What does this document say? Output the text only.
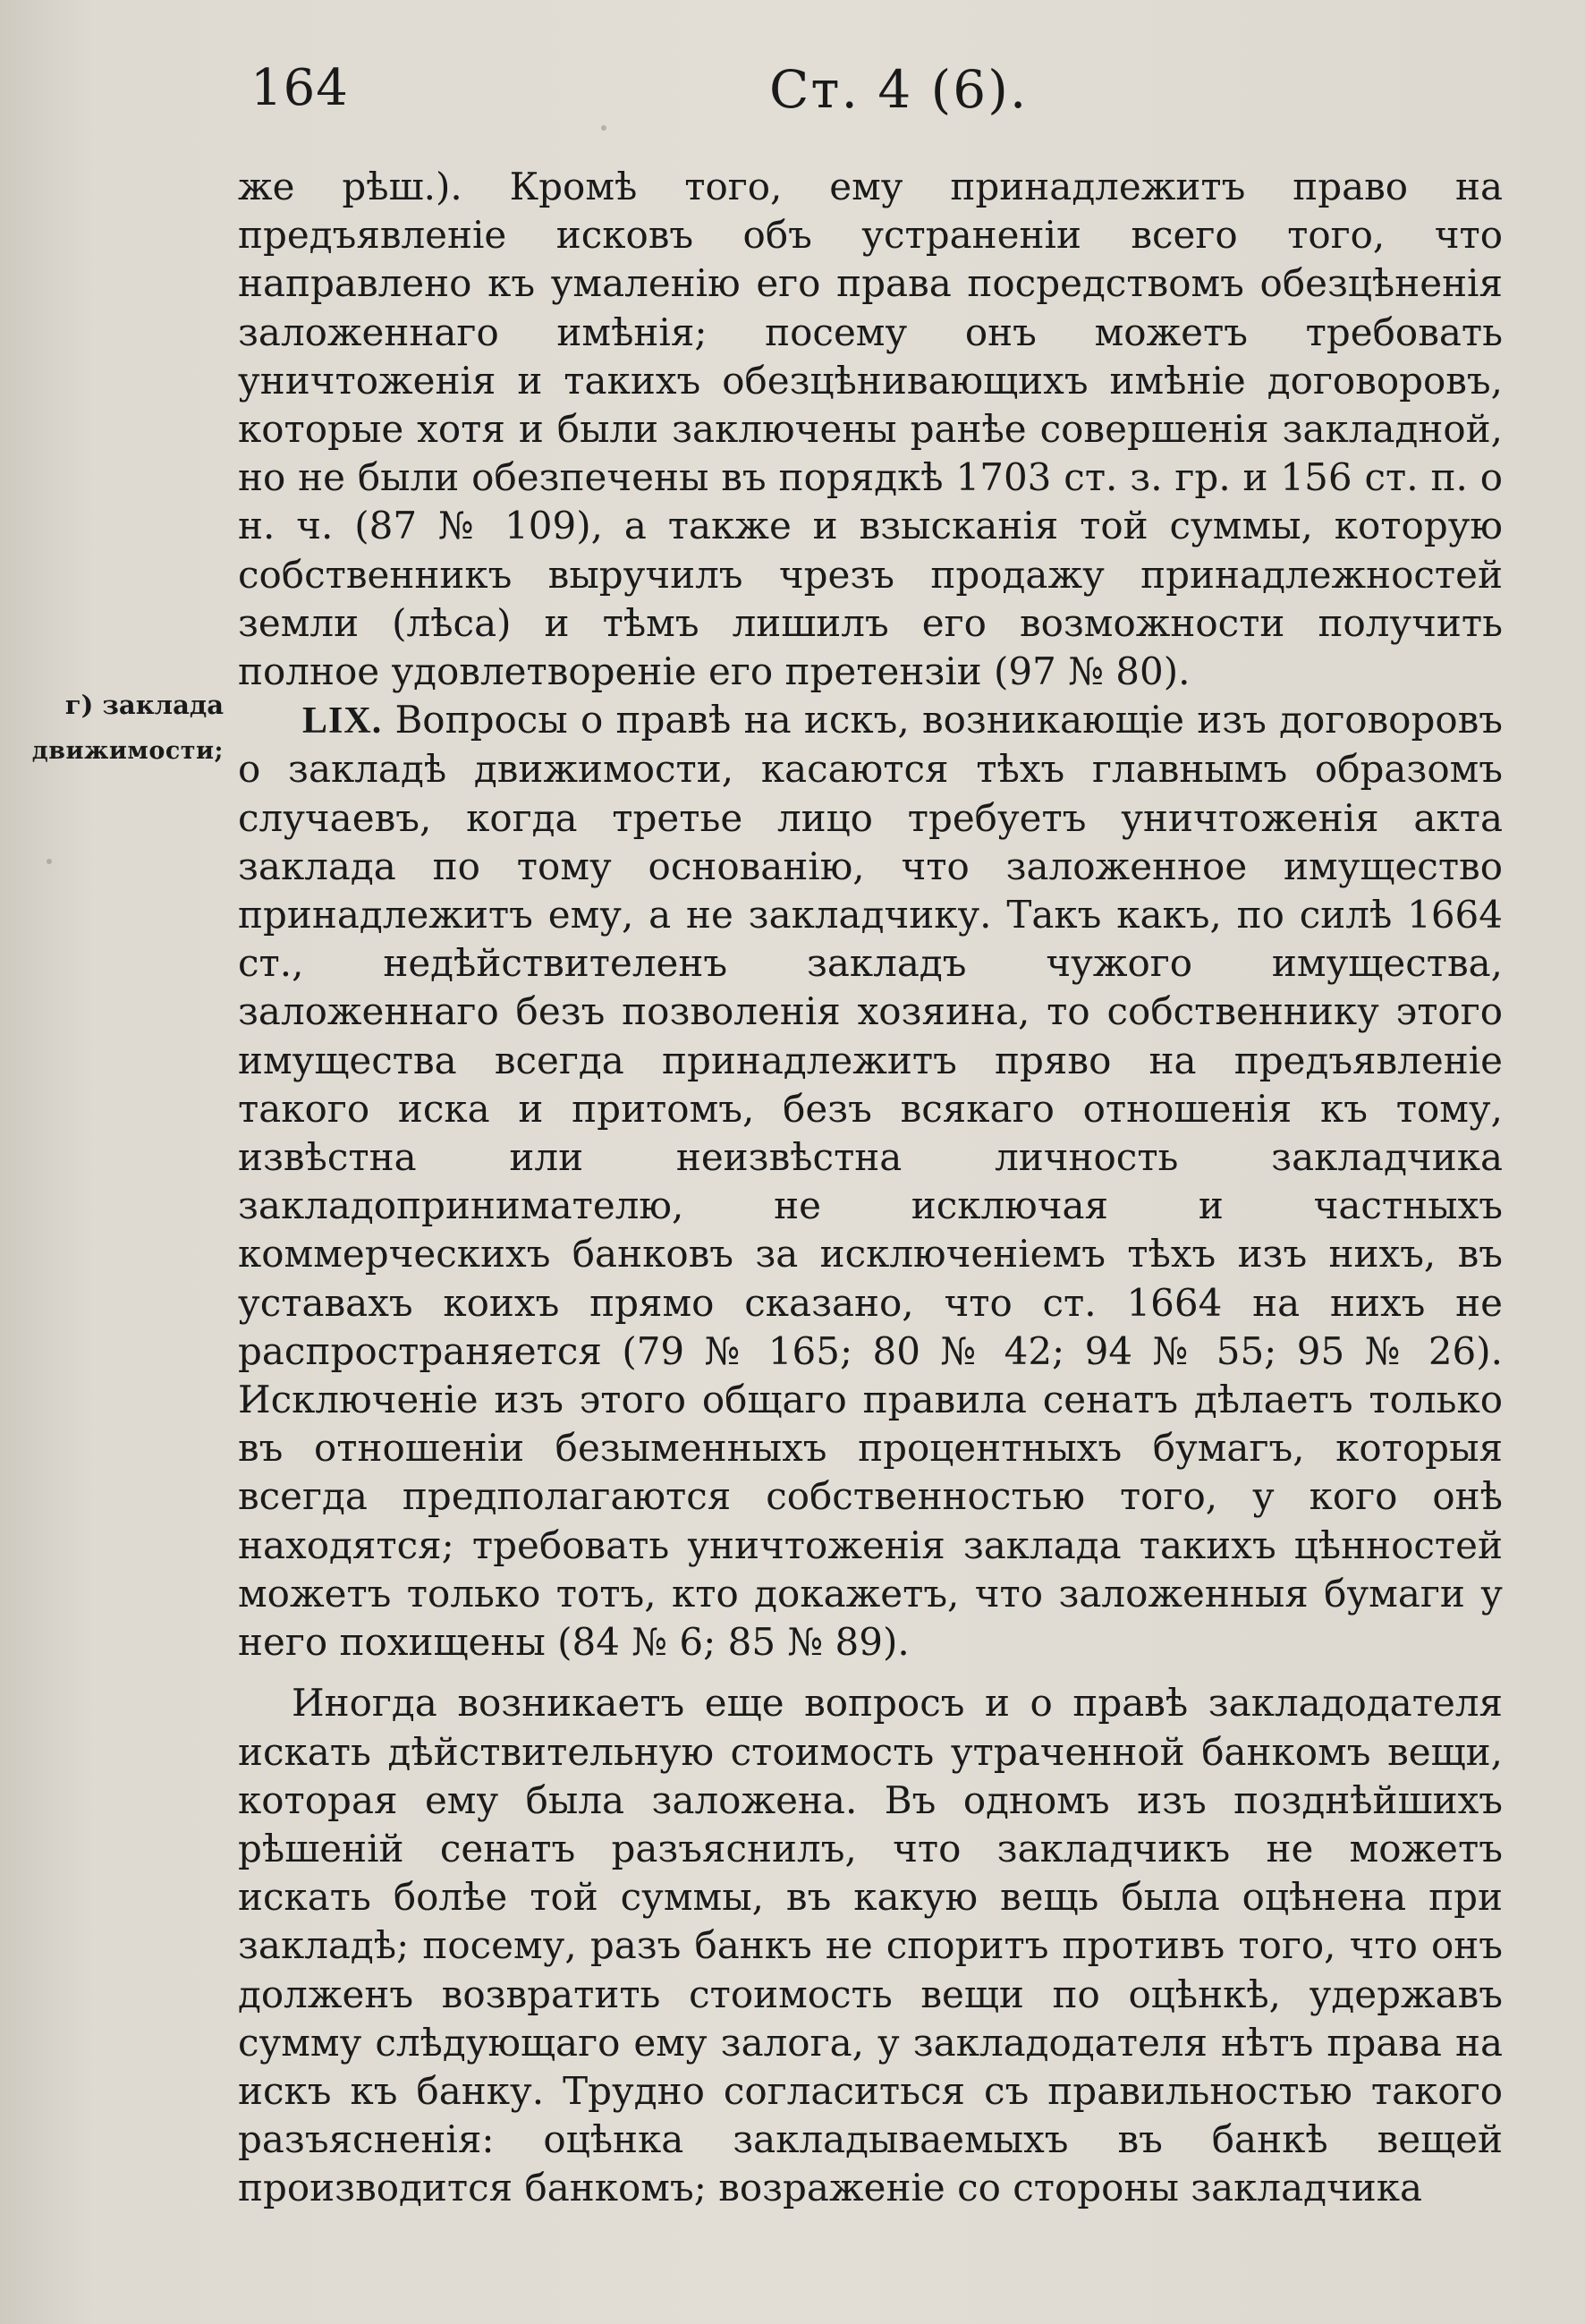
164	Ст. 4 (6).
г) заклада
движимости;

же рѣш.). Кромѣ того, ему принадлежитъ право на предъявленіе исковъ объ устраненіи всего того, что направлено къ умаленію его права посредствомъ обезцѣненія заложеннаго имѣнія; посему онъ можетъ требовать уничтоженія и такихъ обезцѣнивающихъ имѣніе договоровъ, которые хотя и были заключены ранѣе совершенія закладной, но не были обезпечены въ порядкѣ 1703 ст. з. гр. и 156 ст. п. о н. ч. (87 № 109), а также и взысканія той суммы, которую собственникъ выручилъ чрезъ продажу принадлежностей земли (лѣса) и тѣмъ лишилъ его возможности получить полное удовлетвореніе его претензіи (97 № 80).

LIX. Вопросы о правѣ на искъ, возникающіе изъ договоровъ о закладѣ движимости, касаются тѣхъ главнымъ образомъ случаевъ, когда третье лицо требуетъ уничтоженія акта заклада по тому основанію, что заложенное имущество принадлежитъ ему, а не закладчику. Такъ какъ, по силѣ 1664 ст., недѣйствителенъ закладъ чужого имущества, заложеннаго безъ позволенія хозяина, то собственнику этого имущества всегда принадлежитъ пряво на предъявленіе такого иска и притомъ, безъ всякаго отношенія къ тому, извѣстна или неизвѣстна личность закладчика закладопринимателю, не исключая и частныхъ коммерческихъ банковъ за исключеніемъ тѣхъ изъ нихъ, въ уставахъ коихъ прямо сказано, что ст. 1664 на нихъ не распространяется (79 № 165; 80 № 42; 94 № 55; 95 № 26). Исключеніе изъ этого общаго правила сенатъ дѣлаетъ только въ отношеніи безыменныхъ процентныхъ бумагъ, которыя всегда предполагаются собственностью того, у кого онѣ находятся; требовать уничтоженія заклада такихъ цѣнностей можетъ только тотъ, кто докажетъ, что заложенныя бумаги у него похищены (84 № 6; 85 № 89).

Иногда возникаетъ еще вопросъ и о правѣ закладодателя искать дѣйствительную стоимость утраченной банкомъ вещи, которая ему была заложена. Въ одномъ изъ позднѣйшихъ рѣшеній сенатъ разъяснилъ, что закладчикъ не можетъ искать болѣе той суммы, въ какую вещь была оцѣнена при закладѣ; посему, разъ банкъ не споритъ противъ того, что онъ долженъ возвратить стоимость вещи по оцѣнкѣ, удержавъ сумму слѣдующаго ему залога, у закладодателя нѣтъ права на искъ къ банку. Трудно согласиться съ правильностью такого разъясненія: оцѣнка закладываемыхъ въ банкѣ вещей производится банкомъ; возраженіе со стороны закладчика
